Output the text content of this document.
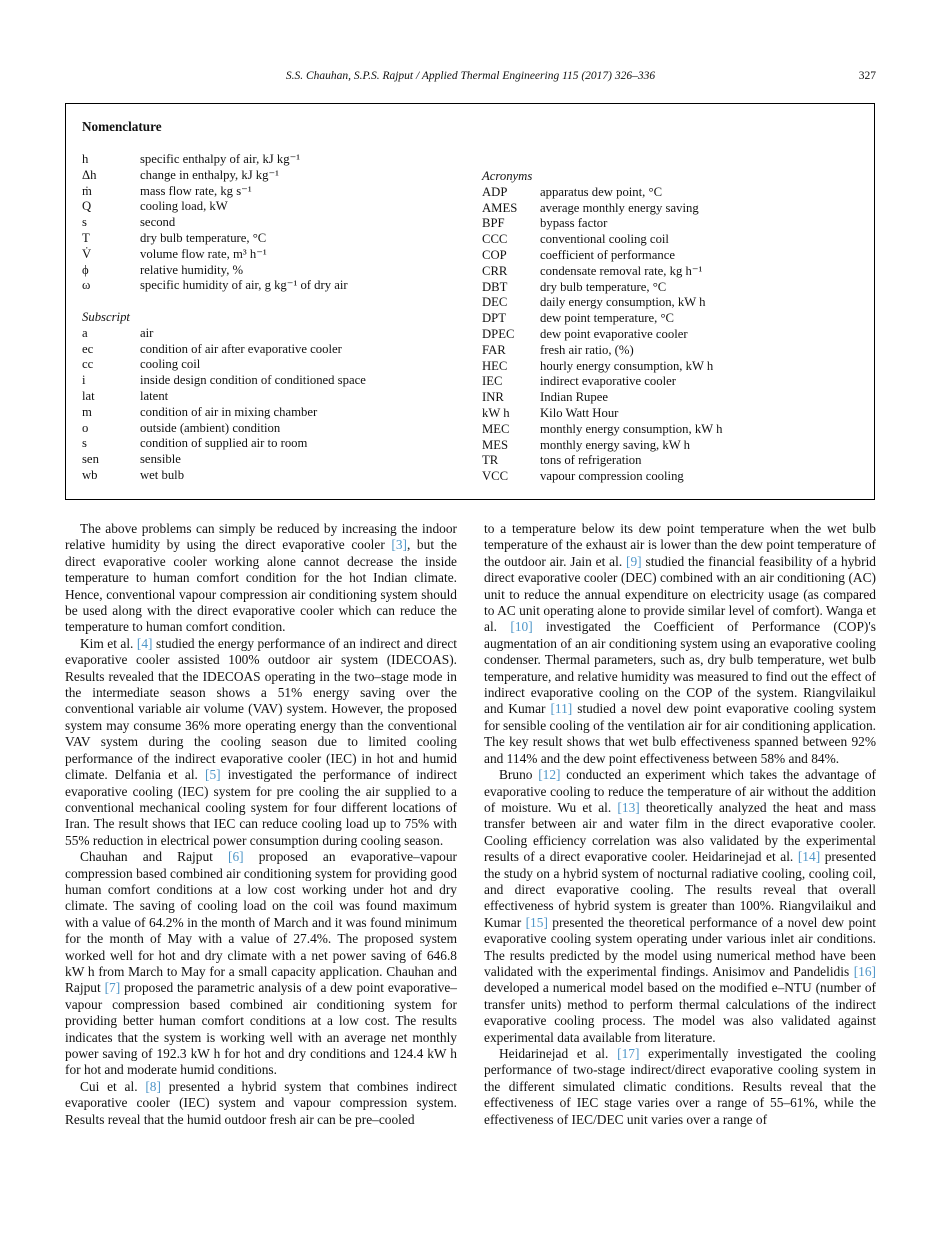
S.S. Chauhan, S.P.S. Rajput / Applied Thermal Engineering 115 (2017) 326–336	327
Nomenclature
h	specific enthalpy of air, kJ kg⁻¹
Δh	change in enthalpy, kJ kg⁻¹
ṁ	mass flow rate, kg s⁻¹
Q	cooling load, kW
s	second
T	dry bulb temperature, °C
V̇	volume flow rate, m³ h⁻¹
ϕ	relative humidity, %
ω	specific humidity of air, g kg⁻¹ of dry air
Subscript
a	air
ec	condition of air after evaporative cooler
cc	cooling coil
i	inside design condition of conditioned space
lat	latent
m	condition of air in mixing chamber
o	outside (ambient) condition
s	condition of supplied air to room
sen	sensible
wb	wet bulb
Acronyms
ADP	apparatus dew point, °C
AMES	average monthly energy saving
BPF	bypass factor
CCC	conventional cooling coil
COP	coefficient of performance
CRR	condensate removal rate, kg h⁻¹
DBT	dry bulb temperature, °C
DEC	daily energy consumption, kW h
DPT	dew point temperature, °C
DPEC	dew point evaporative cooler
FAR	fresh air ratio, (%)
HEC	hourly energy consumption, kW h
IEC	indirect evaporative cooler
INR	Indian Rupee
kW h	Kilo Watt Hour
MEC	monthly energy consumption, kW h
MES	monthly energy saving, kW h
TR	tons of refrigeration
VCC	vapour compression cooling

The above problems can simply be reduced by increasing the indoor relative humidity by using the direct evaporative cooler [3], but the direct evaporative cooler working alone cannot decrease the inside temperature to human comfort condition for the hot Indian climate. Hence, conventional vapour compression air conditioning system should be used along with the direct evaporative cooler which can reduce the temperature to human comfort condition.

Kim et al. [4] studied the energy performance of an indirect and direct evaporative cooler assisted 100% outdoor air system (IDECOAS). Results revealed that the IDECOAS operating in the two–stage mode in the intermediate season shows a 51% energy saving over the conventional variable air volume (VAV) system. However, the proposed system may consume 36% more operating energy than the conventional VAV system during the cooling season due to limited cooling performance of the indirect evaporative cooler (IEC) in hot and humid climate. Delfania et al. [5] investigated the performance of indirect evaporative cooling (IEC) system for pre cooling the air supplied to a conventional mechanical cooling system for four different locations of Iran. The result shows that IEC can reduce cooling load up to 75% with 55% reduction in electrical power consumption during cooling season.

Chauhan and Rajput [6] proposed an evaporative–vapour compression based combined air conditioning system for providing good human comfort conditions at a low cost working under hot and dry climate. The saving of cooling load on the coil was found maximum with a value of 64.2% in the month of March and it was found minimum for the month of May with a value of 27.4%. The proposed system worked well for hot and dry climate with a net power saving of 646.8 kW h from March to May for a small capacity application. Chauhan and Rajput [7] proposed the parametric analysis of a dew point evaporative–vapour compression based combined air conditioning system for providing better human comfort conditions at a low cost. The results indicates that the system is working well with an average net monthly power saving of 192.3 kW h for hot and dry conditions and 124.4 kW h for hot and moderate humid conditions.

Cui et al. [8] presented a hybrid system that combines indirect evaporative cooler (IEC) system and vapour compression system. Results reveal that the humid outdoor fresh air can be pre–cooled

to a temperature below its dew point temperature when the wet bulb temperature of the exhaust air is lower than the dew point temperature of the outdoor air. Jain et al. [9] studied the financial feasibility of a hybrid direct evaporative cooler (DEC) combined with an air conditioning (AC) unit to reduce the annual expenditure on electricity usage (as compared to AC unit operating alone to provide similar level of comfort). Wanga et al. [10] investigated the Coefficient of Performance (COP)'s augmentation of an air conditioning system using an evaporative cooling condenser. Thermal parameters, such as, dry bulb temperature, wet bulb temperature, and relative humidity was measured to find out the effect of indirect evaporative cooling on the COP of the system. Riangvilaikul and Kumar [11] studied a novel dew point evaporative cooling system for sensible cooling of the ventilation air for air conditioning application. The key result shows that wet bulb effectiveness spanned between 92% and 114% and the dew point effectiveness between 58% and 84%.

Bruno [12] conducted an experiment which takes the advantage of evaporative cooling to reduce the temperature of air without the addition of moisture. Wu et al. [13] theoretically analyzed the heat and mass transfer between air and water film in the direct evaporative cooler. Cooling efficiency correlation was also validated by the experimental results of a direct evaporative cooler. Heidarinejad et al. [14] presented the study on a hybrid system of nocturnal radiative cooling, cooling coil, and direct evaporative cooling. The results reveal that overall effectiveness of hybrid system is greater than 100%. Riangvilaikul and Kumar [15] presented the theoretical performance of a novel dew point evaporative cooling system operating under various inlet air conditions. The results predicted by the model using numerical method have been validated with the experimental findings. Anisimov and Pandelidis [16] developed a numerical model based on the modified e–NTU (number of transfer units) method to perform thermal calculations of the indirect evaporative cooling process. The model was also validated against experimental data available from literature.

Heidarinejad et al. [17] experimentally investigated the cooling performance of two-stage indirect/direct evaporative cooling system in the different simulated climatic conditions. Results reveal that the effectiveness of IEC stage varies over a range of 55–61%, while the effectiveness of IEC/DEC unit varies over a range of
